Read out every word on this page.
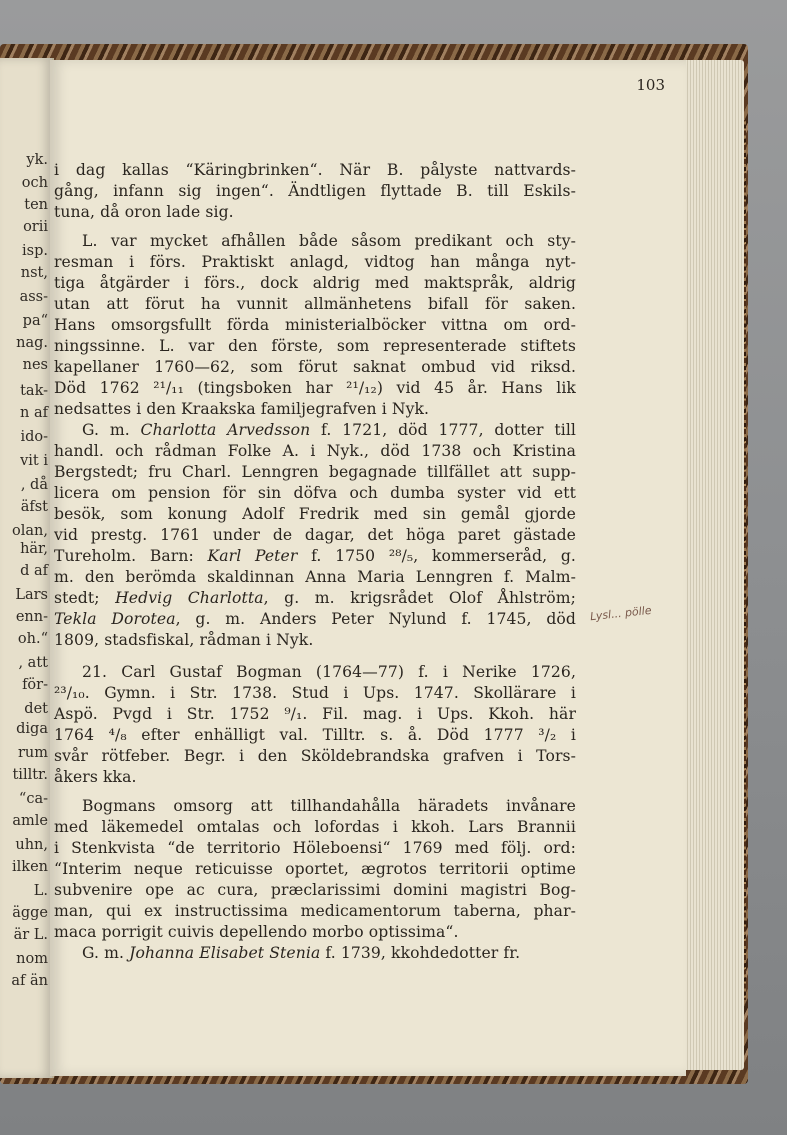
yk.
och
ten
orii
isp.
nst,
ass-
pa“
nag.
nes
tak-
n af
ido-
vit i
, då
äfst
olan,
här,
d af
Lars
enn-
oh.“
, att
för-
det
diga
rum
tilltr.
“ca-
amle
uhn,
ilken
L.
ägge
är L.
nom
af än
103
i dag kallas “Käringbrinken“. När B. pålyste nattvards-
gång, infann sig ingen“. Ändtligen flyttade B. till Eskils-
tuna, då oron lade sig.
L. var mycket afhållen både såsom predikant och sty-
resman i förs. Praktiskt anlagd, vidtog han många nyt-
tiga åtgärder i förs., dock aldrig med maktspråk, aldrig
utan att förut ha vunnit allmänhetens bifall för saken.
Hans omsorgsfullt förda ministerialböcker vittna om ord-
ningssinne. L. var den förste, som representerade stiftets
kapellaner 1760—62, som förut saknat ombud vid riksd.
Död 1762 ²¹/₁₁ (tingsboken har ²¹/₁₂) vid 45 år. Hans lik
nedsattes i den Kraakska familjegrafven i Nyk.
G. m. Charlotta Arvedsson f. 1721, död 1777, dotter till
handl. och rådman Folke A. i Nyk., död 1738 och Kristina
Bergstedt; fru Charl. Lenngren begagnade tillfället att supp-
licera om pension för sin döfva och dumba syster vid ett
besök, som konung Adolf Fredrik med sin gemål gjorde
vid prestg. 1761 under de dagar, det höga paret gästade
Tureholm. Barn: Karl Peter f. 1750 ²⁸/₅, kommerseråd, g.
m. den berömda skaldinnan Anna Maria Lenngren f. Malm-
stedt; Hedvig Charlotta, g. m. krigsrådet Olof Åhlström;
Tekla Dorotea, g. m. Anders Peter Nylund f. 1745, död
1809, stadsfiskal, rådman i Nyk.
21. Carl Gustaf Bogman (1764—77) f. i Nerike 1726,
²³/₁₀. Gymn. i Str. 1738. Stud i Ups. 1747. Skollärare i
Aspö. Pvgd i Str. 1752 ⁹/₁. Fil. mag. i Ups. Kkoh. här
1764 ⁴/₈ efter enhälligt val. Tilltr. s. å. Död 1777 ³/₂ i
svår rötfeber. Begr. i den Sköldebrandska grafven i Tors-
åkers kka.
Bogmans omsorg att tillhandahålla häradets invånare
med läkemedel omtalas och lofordas i kkoh. Lars Brannii
i Stenkvista “de territorio Höleboensi“ 1769 med följ. ord:
“Interim neque reticuisse oportet, ægrotos territorii optime
subvenire ope ac cura, præclarissimi domini magistri Bog-
man, qui ex instructissima medicamentorum taberna, phar-
maca porrigit cuivis depellendo morbo optissima“.
G. m. Johanna Elisabet Stenia f. 1739, kkohdedotter fr.
Lysl... pölle
